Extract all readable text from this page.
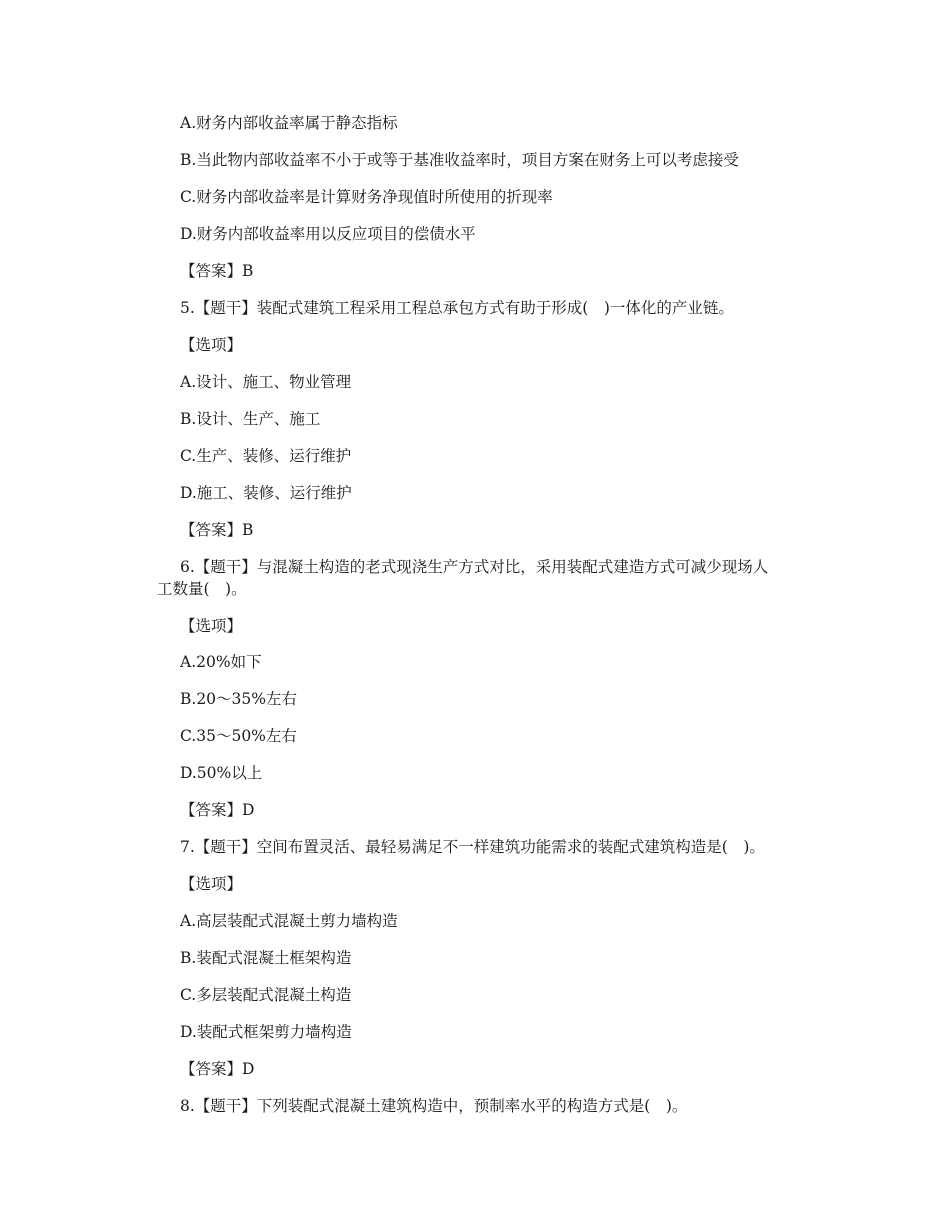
A.财务内部收益率属于静态指标
B.当此物内部收益率不小于或等于基准收益率时，项目方案在财务上可以考虑接受
C.财务内部收益率是计算财务净现值时所使用的折现率
D.财务内部收益率用以反应项目的偿债水平
【答案】B
5.【题干】装配式建筑工程采用工程总承包方式有助于形成(　)一体化的产业链。
【选项】
A.设计、施工、物业管理
B.设计、生产、施工
C.生产、装修、运行维护
D.施工、装修、运行维护
【答案】B
6.【题干】与混凝土构造的老式现浇生产方式对比，采用装配式建造方式可减少现场人
工数量(　)。
【选项】
A.20%如下
B.20～35%左右
C.35～50%左右
D.50%以上
【答案】D
7.【题干】空间布置灵活、最轻易满足不一样建筑功能需求的装配式建筑构造是(　)。
【选项】
A.高层装配式混凝土剪力墙构造
B.装配式混凝土框架构造
C.多层装配式混凝土构造
D.装配式框架剪力墙构造
【答案】D
8.【题干】下列装配式混凝土建筑构造中，预制率水平的构造方式是(　)。
